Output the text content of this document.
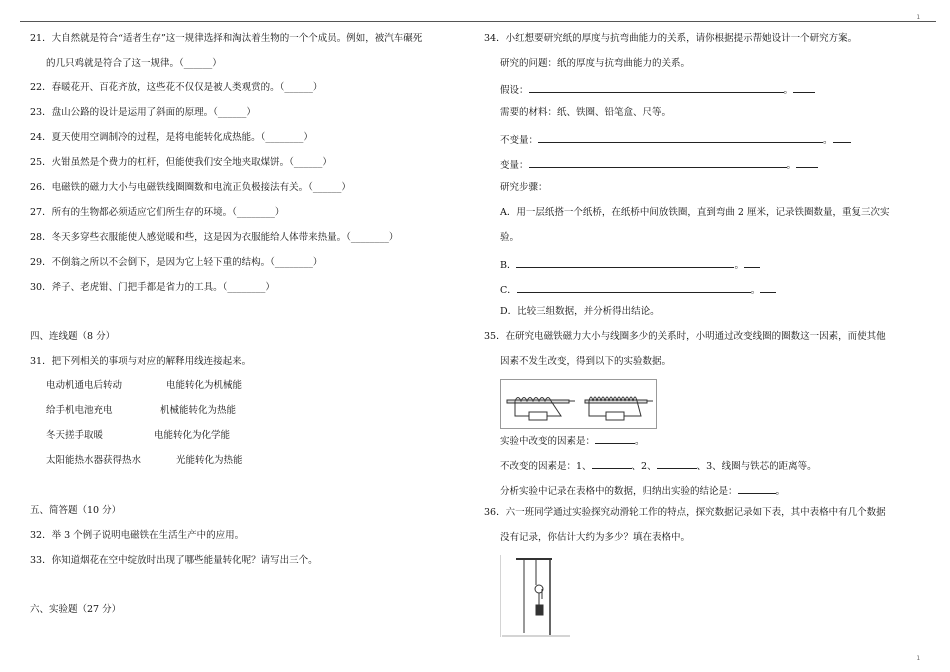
1
1
21．大自然就是符合“适者生存”这一规律选择和淘汰着生物的一个个成员。例如，被汽车碾死
的几只鸡就是符合了这一规律。（______）
22．春暖花开、百花齐放，这些花不仅仅是被人类观赏的。（______）
23．盘山公路的设计是运用了斜面的原理。（______）
24．夏天使用空调制冷的过程，是将电能转化成热能。（________）
25．火钳虽然是个费力的杠杆，但能使我们安全地夹取煤饼。（______）
26．电磁铁的磁力大小与电磁铁线圈圈数和电流正负极接法有关。（______）
27．所有的生物都必须适应它们所生存的环境。（________）
28．冬天多穿些衣服能使人感觉暖和些，这是因为衣服能给人体带来热量。（________）
29．不倒翁之所以不会倒下，是因为它上轻下重的结构。（________）
30．斧子、老虎钳、门把手都是省力的工具。（________）
四、连线题（8 分）
31．把下列相关的事项与对应的解释用线连接起来。
电动机通电后转动	电能转化为机械能
给手机电池充电	机械能转化为热能
冬天搓手取暖	电能转化为化学能
太阳能热水器获得热水	光能转化为热能
五、简答题（10 分）
32．举 3 个例子说明电磁铁在生活生产中的应用。
33．你知道烟花在空中绽放时出现了哪些能量转化呢？请写出三个。
六、实验题（27 分）
34．小红想要研究纸的厚度与抗弯曲能力的关系，请你根据提示帮她设计一个研究方案。
研究的问题：纸的厚度与抗弯曲能力的关系。
假设：	。
需要的材料：纸、铁圈、铅笔盒、尺等。
不变量：	。
变量：	。
研究步骤：
A．用一层纸搭一个纸桥，在纸桥中间放铁圈，直到弯曲 2 厘米，记录铁圈数量，重复三次实
验。
B．	。
C．	。
D．比较三组数据，并分析得出结论。
35．在研究电磁铁磁力大小与线圈多少的关系时，小明通过改变线圈的圈数这一因素，而使其他
因素不发生改变，得到以下的实验数据。
实验中改变的因素是：	。
不改变的因素是：1、	、2、	、3、线圈与铁芯的距离等。
分析实验中记录在表格中的数据，归纳出实验的结论是：	。
36．六一班同学通过实验探究动滑轮工作的特点，探究数据记录如下表，其中表格中有几个数据
没有记录，你估计大约为多少？填在表格中。
